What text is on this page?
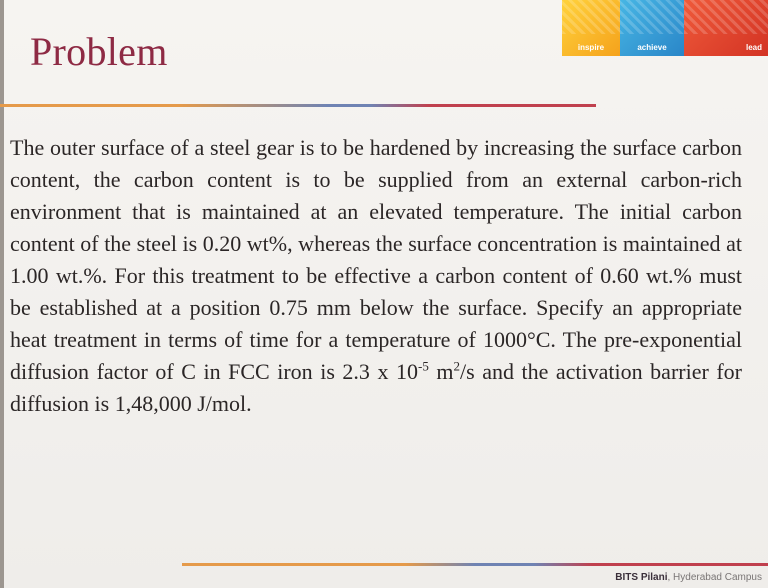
Problem	inspire	achieve	lead
The outer surface of a steel gear is to be hardened by increasing the surface carbon content, the carbon content is to be supplied from an external carbon-rich environment that is maintained at an elevated temperature. The initial carbon content of the steel is 0.20 wt%, whereas the surface concentration is maintained at 1.00 wt.%. For this treatment to be effective a carbon content of 0.60 wt.% must be established at a position 0.75 mm below the surface. Specify an appropriate heat treatment in terms of time for a temperature of 1000°C. The pre-exponential diffusion factor of C in FCC iron is 2.3 x $10^{-5}$ $m^2/s$ and the activation barrier for diffusion is 1,48,000 J/mol.
BITS Pilani, Hyderabad Campus
